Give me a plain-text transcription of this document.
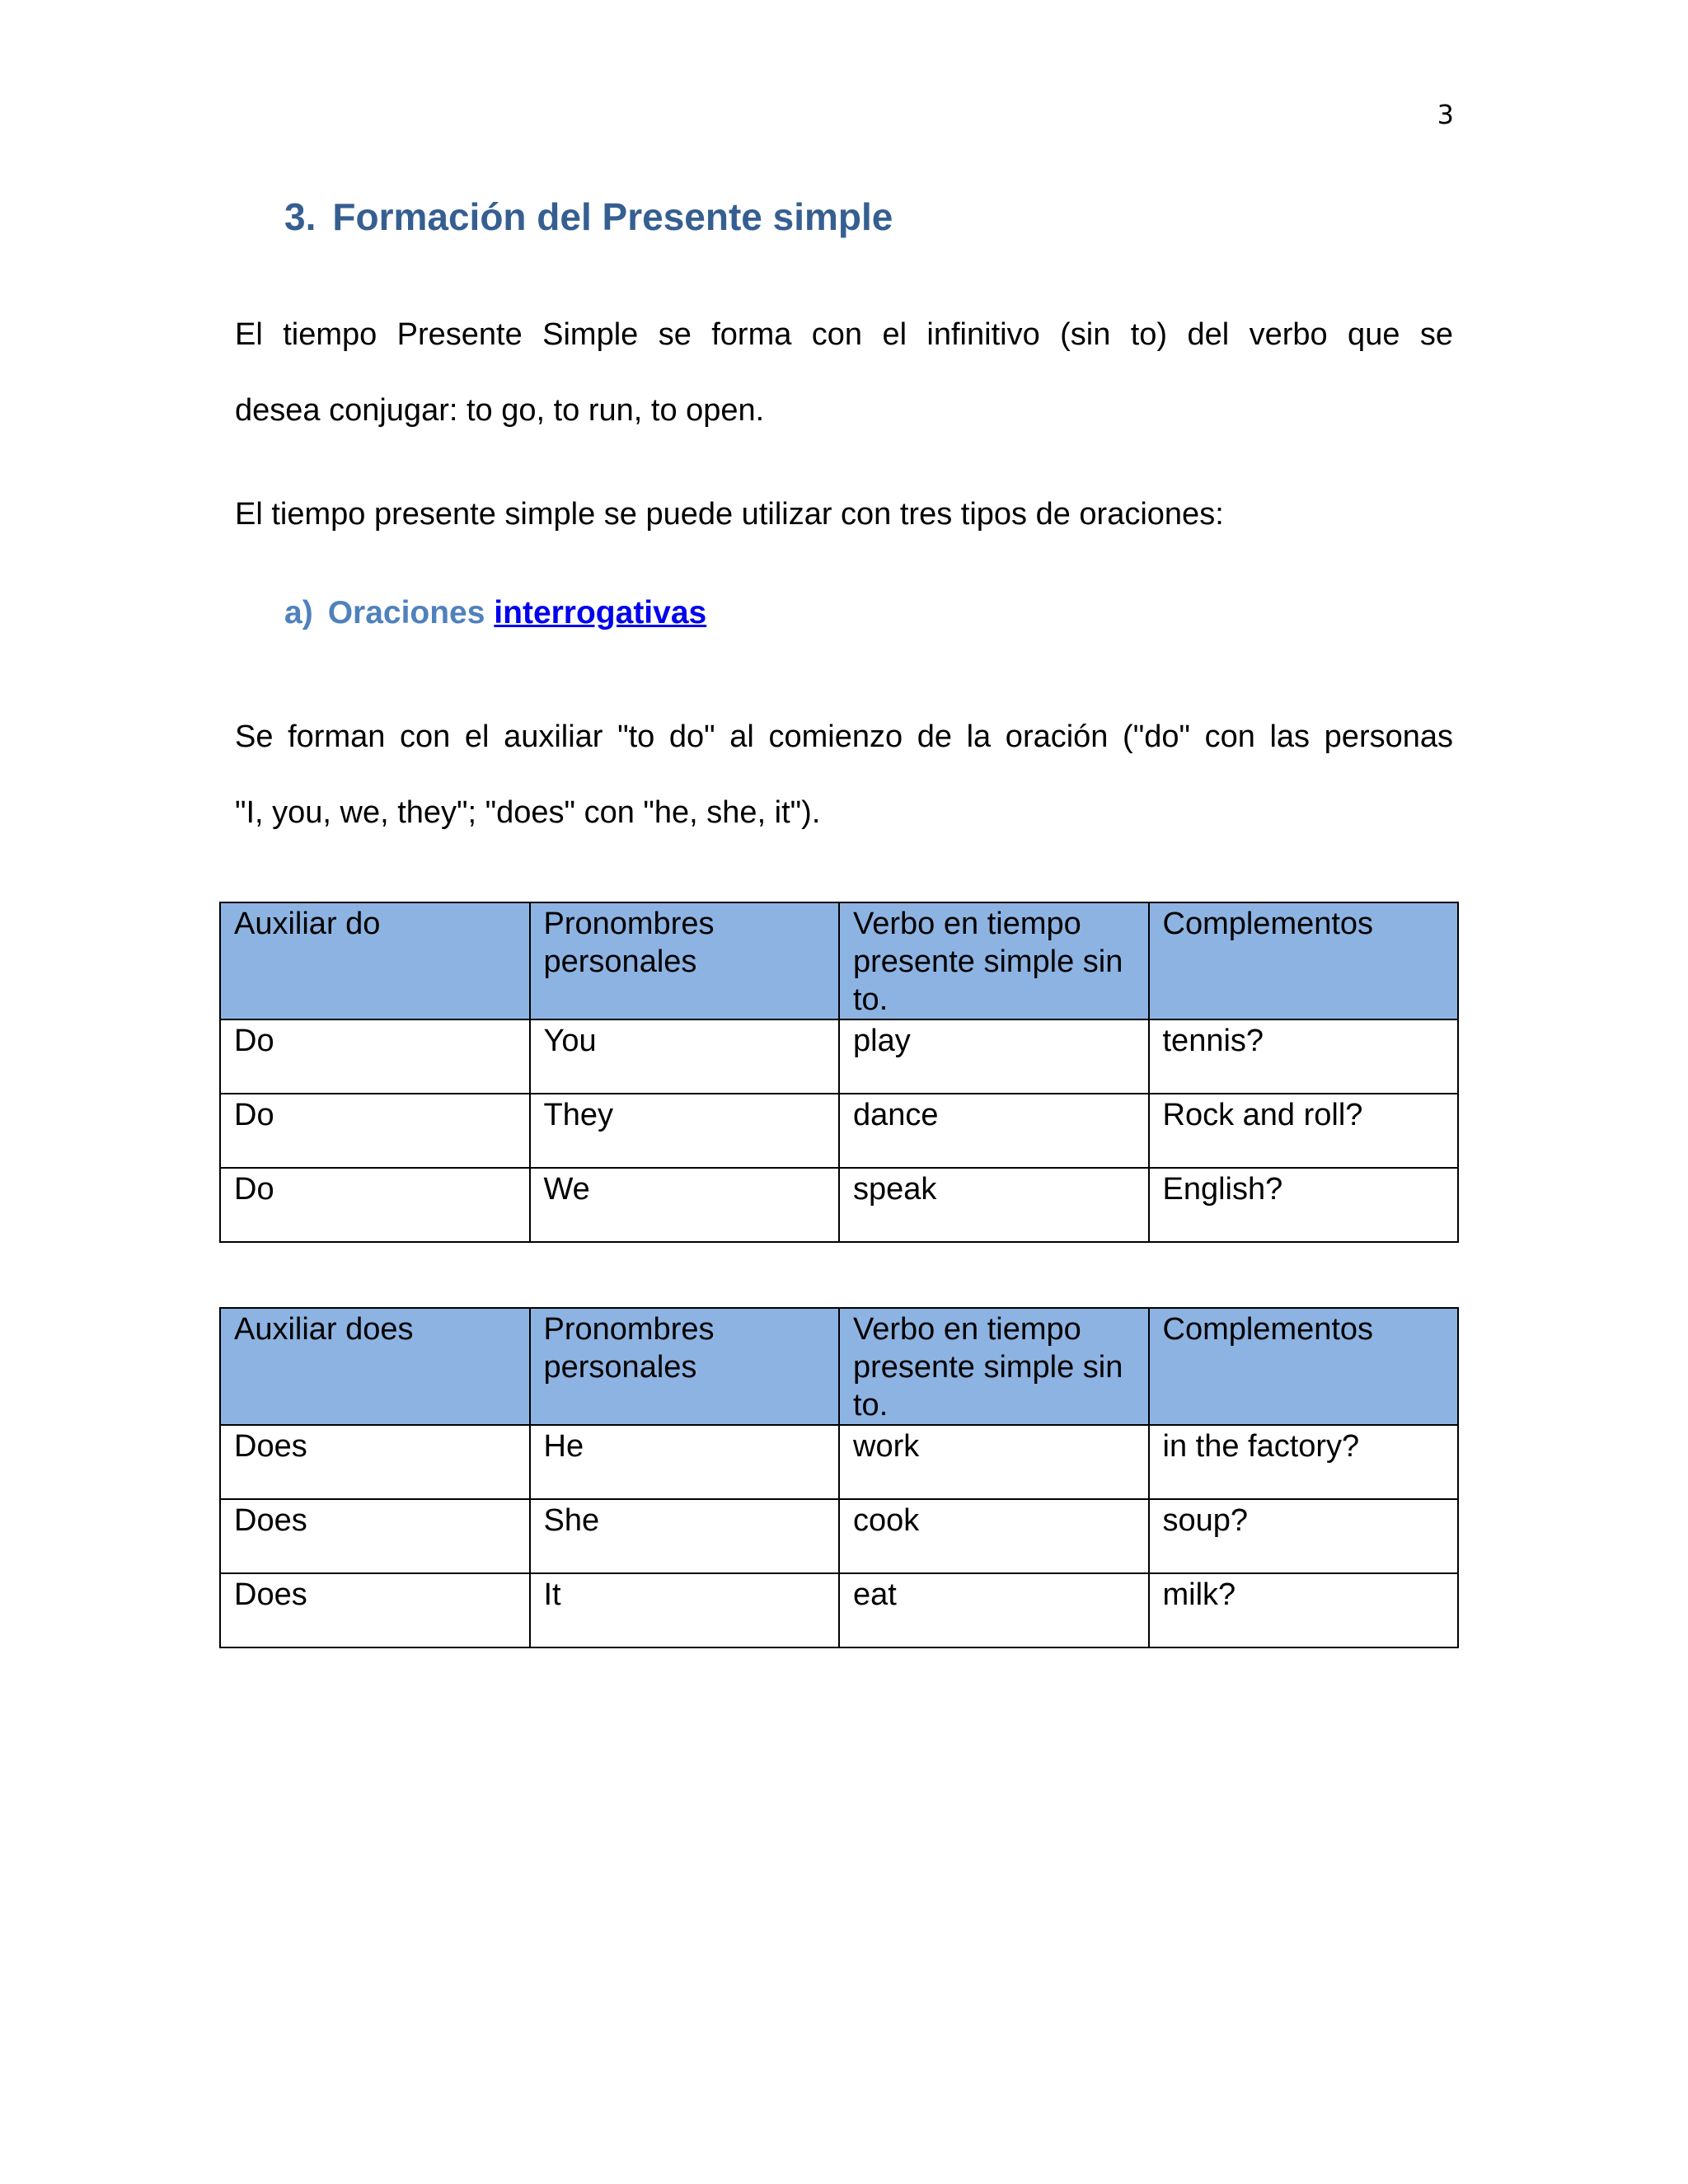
3
3. Formación del Presente simple
El tiempo Presente Simple se forma con el infinitivo (sin to) del verbo que se
desea conjugar: to go, to run, to open.
El tiempo presente simple se puede utilizar con tres tipos de oraciones:
a) Oraciones interrogativas
Se forman con el auxiliar "to do" al comienzo de la oración ("do" con las personas
"I, you, we, they"; "does" con "he, she, it").
Auxiliar do	Pronombres personales	Verbo en tiempo presente simple sin to.	Complementos
Do	You	play	tennis?
Do	They	dance	Rock and roll?
Do	We	speak	English?
Auxiliar does	Pronombres personales	Verbo en tiempo presente simple sin to.	Complementos
Does	He	work	in the factory?
Does	She	cook	soup?
Does	It	eat	milk?
